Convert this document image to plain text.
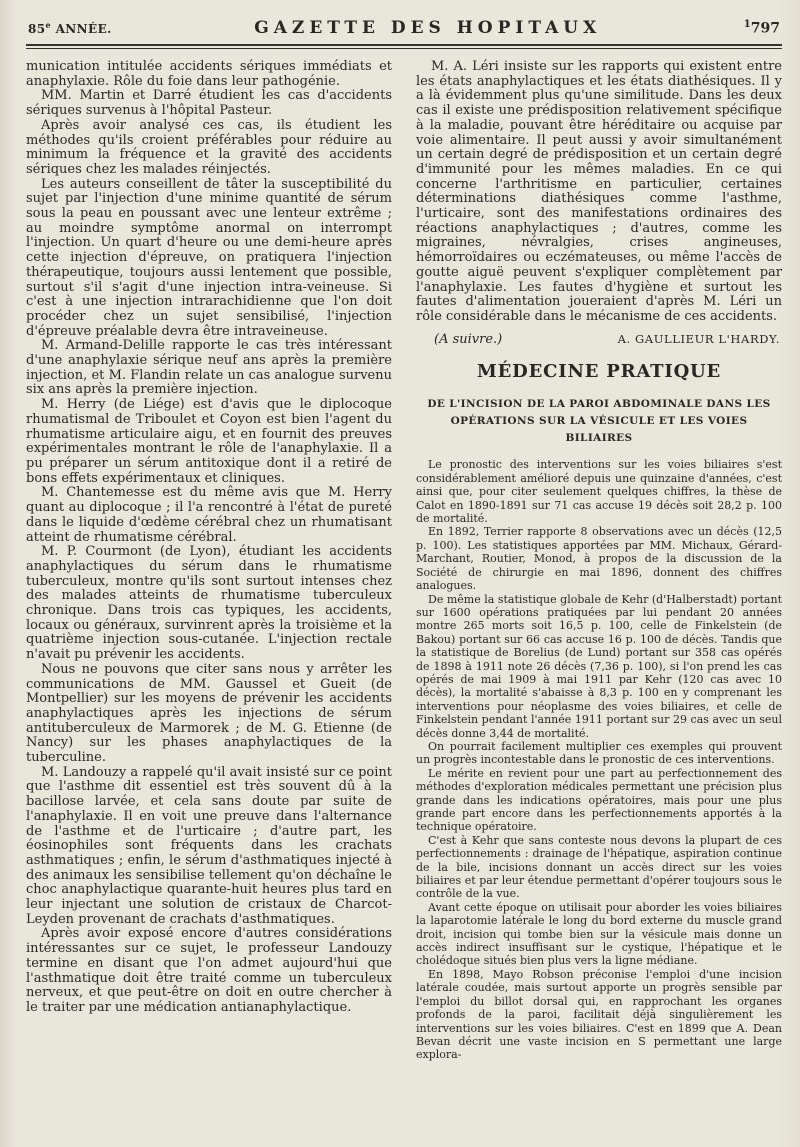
85e ANNÉE.	GAZETTE DES HOPITAUX	$^1$797

munication intitulée accidents sériques immédiats et anaphylaxie. Rôle du foie dans leur pathogénie.

MM. Martin et Darré étudient les cas d'accidents sériques survenus à l'hôpital Pasteur.

Après avoir analysé ces cas, ils étudient les méthodes qu'ils croient préférables pour réduire au minimum la fréquence et la gravité des accidents sériques chez les malades réinjectés.

Les auteurs conseillent de tâter la susceptibilité du sujet par l'injection d'une minime quantité de sérum sous la peau en poussant avec une lenteur extrême ; au moindre symptôme anormal on interrompt l'injection. Un quart d'heure ou une demi-heure après cette injection d'épreuve, on pratiquera l'injection thérapeutique, toujours aussi lentement que possible, surtout s'il s'agit d'une injection intra-veineuse. Si c'est à une injection intrarachidienne que l'on doit procéder chez un sujet sensibilisé, l'injection d'épreuve préalable devra être intraveineuse.

M. Armand-Delille rapporte le cas très intéressant d'une anaphylaxie sérique neuf ans après la première injection, et M. Flandin relate un cas analogue survenu six ans après la première injection.

M. Herry (de Liége) est d'avis que le diplocoque rhumatismal de Triboulet et Coyon est bien l'agent du rhumatisme articulaire aigu, et en fournit des preuves expérimentales montrant le rôle de l'anaphylaxie. Il a pu préparer un sérum antitoxique dont il a retiré de bons effets expérimentaux et cliniques.

M. Chantemesse est du même avis que M. Herry quant au diplocoque ; il l'a rencontré à l'état de pureté dans le liquide d'œdème cérébral chez un rhumatisant atteint de rhumatisme cérébral.

M. P. Courmont (de Lyon), étudiant les accidents anaphylactiques du sérum dans le rhumatisme tuberculeux, montre qu'ils sont surtout intenses chez des malades atteints de rhumatisme tuberculeux chronique. Dans trois cas typiques, les accidents, locaux ou généraux, survinrent après la troisième et la quatrième injection sous-cutanée. L'injection rectale n'avait pu prévenir les accidents.

Nous ne pouvons que citer sans nous y arrêter les communications de MM. Gaussel et Gueit (de Montpellier) sur les moyens de prévenir les accidents anaphylactiques après les injections de sérum antituberculeux de Marmorek ; de M. G. Etienne (de Nancy) sur les phases anaphylactiques de la tuberculine.

M. Landouzy a rappelé qu'il avait insisté sur ce point que l'asthme dit essentiel est très souvent dû à la bacillose larvée, et cela sans doute par suite de l'anaphylaxie. Il en voit une preuve dans l'alternance de l'asthme et de l'urticaire ; d'autre part, les éosinophiles sont fréquents dans les crachats asthmatiques ; enfin, le sérum d'asthmatiques injecté à des animaux les sensibilise tellement qu'on déchaîne le choc anaphylactique quarante-huit heures plus tard en leur injectant une solution de cristaux de Charcot-Leyden provenant de crachats d'asthmatiques.

Après avoir exposé encore d'autres considérations intéressantes sur ce sujet, le professeur Landouzy termine en disant que l'on admet aujourd'hui que l'asthmatique doit être traité comme un tuberculeux nerveux, et que peut-être on doit en outre chercher à le traiter par une médication antianaphylactique.

M. A. Léri insiste sur les rapports qui existent entre les états anaphylactiques et les états diathésiques. Il y a là évidemment plus qu'une similitude. Dans les deux cas il existe une prédisposition relativement spécifique à la maladie, pouvant être héréditaire ou acquise par voie alimentaire. Il peut aussi y avoir simultanément un certain degré de prédisposition et un certain degré d'immunité pour les mêmes maladies. En ce qui concerne l'arthritisme en particulier, certaines déterminations diathésiques comme l'asthme, l'urticaire, sont des manifestations ordinaires des réactions anaphylactiques ; d'autres, comme les migraines, névralgies, crises angineuses, hémorroïdaires ou eczémateuses, ou même l'accès de goutte aiguë peuvent s'expliquer complètement par l'anaphylaxie. Les fautes d'hygiène et surtout les fautes d'alimentation joueraient d'après M. Léri un rôle considérable dans le mécanisme de ces accidents.

(A suivre.)	A. GAULLIEUR L'HARDY.
MÉDECINE PRATIQUE
DE L'INCISION DE LA PAROI ABDOMINALE DANS LES OPÉRATIONS SUR LA VÉSICULE ET LES VOIES BILIAIRES

Le pronostic des interventions sur les voies biliaires s'est considérablement amélioré depuis une quinzaine d'années, c'est ainsi que, pour citer seulement quelques chiffres, la thèse de Calot en 1890-1891 sur 71 cas accuse 19 décès soit 28,2 p. 100 de mortalité.

En 1892, Terrier rapporte 8 observations avec un décès (12,5 p. 100). Les statistiques apportées par MM. Michaux, Gérard-Marchant, Routier, Monod, à propos de la discussion de la Société de chirurgie en mai 1896, donnent des chiffres analogues.

De même la statistique globale de Kehr (d'Halberstadt) portant sur 1600 opérations pratiquées par lui pendant 20 années montre 265 morts soit 16,5 p. 100, celle de Finkelstein (de Bakou) portant sur 66 cas accuse 16 p. 100 de décès. Tandis que la statistique de Borelius (de Lund) portant sur 358 cas opérés de 1898 à 1911 note 26 décès (7,36 p. 100), si l'on prend les cas opérés de mai 1909 à mai 1911 par Kehr (120 cas avec 10 décès), la mortalité s'abaisse à 8,3 p. 100 en y comprenant les interventions pour néoplasme des voies biliaires, et celle de Finkelstein pendant l'année 1911 portant sur 29 cas avec un seul décès donne 3,44 de mortalité.

On pourrait facilement multiplier ces exemples qui prouvent un progrès incontestable dans le pronostic de ces interventions.

Le mérite en revient pour une part au perfectionnement des méthodes d'exploration médicales permettant une précision plus grande dans les indications opératoires, mais pour une plus grande part encore dans les perfectionnements apportés à la technique opératoire.

C'est à Kehr que sans conteste nous devons la plupart de ces perfectionnements : drainage de l'hépatique, aspiration continue de la bile, incisions donnant un accès direct sur les voies biliaires et par leur étendue permettant d'opérer toujours sous le contrôle de la vue.

Avant cette époque on utilisait pour aborder les voies biliaires la laparotomie latérale le long du bord externe du muscle grand droit, incision qui tombe bien sur la vésicule mais donne un accès indirect insuffisant sur le cystique, l'hépatique et le cholédoque situés bien plus vers la ligne médiane.

En 1898, Mayo Robson préconise l'emploi d'une incision latérale coudée, mais surtout apporte un progrès sensible par l'emploi du billot dorsal qui, en rapprochant les organes profonds de la paroi, facilitait déjà singulièrement les interventions sur les voies biliaires. C'est en 1899 que A. Dean Bevan décrit une vaste incision en S permettant une large explora-
